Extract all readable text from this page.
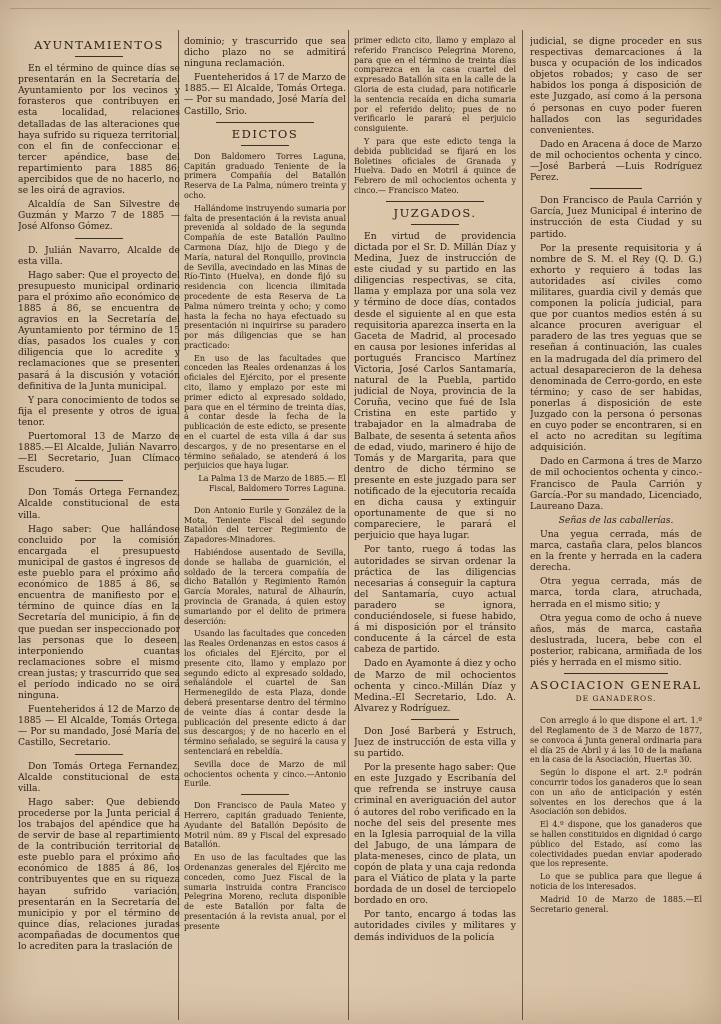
AYUNTAMIENTOS

En el término de quince días se presentarán en la Secretaría del Ayuntamiento por los vecinos y forasteros que contribuyen en esta localidad, relaciones detalladas de las alteraciones que haya sufrido su riqueza territorial, con el fin de confeccionar el tercer apéndice, base del repartimiento para 1885 86; apercibidos que de no hacerlo, no se les oirá de agravios.

Alcaldía de San Silvestre de Guzmán y Marzo 7 de 1885 — José Alfonso Gómez.

D. Julián Navarro, Alcalde de esta villa.

Hago saber: Que el proyecto del presupuesto municipal ordinario para el próximo año económico de 1885 á 86, se encuentra de agravios en la Secretaría del Ayuntamiento por término de 15 días, pasados los cuales y con diligencia que lo acredite y reclamaciones que se presenten pasará á la discusión y votación definitiva de la Junta municipal.

Y para conocimiento de todos se fija el presente y otros de igual tenor.

Puertomoral 13 de Marzo de 1885.—El Alcalde, Julián Navarro.—El Secretario, Juan Clímaco Escudero.

Don Tomás Ortega Fernandez, Alcalde constitucional de esta villa.

Hago saber: Que hallándose concluido por la comisión encargada el presupuesto municipal de gastos é ingresos de este pueblo para el próximo año económico de 1885 á 86, se encuentra de manifiesto por el término de quince días en la Secretaría del municipio, á fin de que puedan ser inspeccionado por las personas que lo deseen, interponiendo cuantas reclamaciones sobre el mismo crean justas; y trascurrido que sea el período indicado no se oirá ninguna.

Fuenteheridos á 12 de Marzo de 1885 — El Alcalde, Tomás Ortega. — Por su mandado, José María del Castillo, Secretario.

Don Tomás Ortega Fernandez, Alcalde constitucional de esta villa.

Hago saber: Que debiendo procederse por la Junta pericial á los trabajos del apéndice que ha de servir de base al repartimiento de la contribución territorial de este pueblo para el próximo año económico de 1885 á 86, los contribuyentes que en su riqueza hayan sufrido variación, presentarán en la Secretaría del municipio y por el término de quince días, relaciones juradas acompañadas de documentos que lo acrediten para la traslación de

dominio; y trascurrido que sea dicho plazo no se admitirá ninguna reclamación.

Fuenteheridos á 17 de Marzo de 1885.— El Alcalde, Tomás Ortega. — Por su mandado, José María del Castillo, Srio.

EDICTOS

Don Baldomero Torres Laguna, Capitán graduado Teniente de la primera Compañía del Batallón Reserva de La Palma, número treinta y ocho.

Hallándome instruyendo sumaria por falta de presentación á la revista anual prevenida al soldado de la segunda Compañía de este Batallón Paulino Carmona Díaz, hijo de Diego y de María, natural del Ronquillo, provincia de Sevilla, avecindado en las Minas de Río-Tinto (Huelva), en donde fijó su residencia con licencia ilimitada procedente de esta Reserva de La Palma número treinta y ocho; y como hasta la fecha no haya efectuado su presentación ni inquirirse su paradero por más diligencias que se han practicado:

En uso de las facultades que conceden las Reales ordenanzas á los oficiales del Ejército, por el presente cito, llamo y emplazo por este mi primer edicto al expresado soldado, para que en el término de treinta días, á contar desde la fecha de la publicación de este edicto, se presente en el cuartel de esta villa á dar sus descargos, y de no presentarse en el término señalado, se atenderá á los perjuicios que haya lugar.

La Palma 13 de Marzo de 1885.— El Fiscal, Baldomero Torres Laguna.

Don Antonio Eurile y González de la Mota, Teniente Fiscal del segundo Batallón del tercer Regimiento de Zapadores-Minadores.

Habiéndose ausentado de Sevilla, donde se hallaba de guarnición, el soldado de la tercera compañía de dicho Batallón y Regimiento Ramón García Morales, natural de Alhaurín, provincia de Granada, á quien estoy sumariando por el delito de primera deserción:

Usando las facultades que conceden las Reales Ordenanzas en estos casos á los oficiales del Ejército, por el presente cito, llamo y emplazo por segundo edicto al expresado soldado, señalándole el cuartel de San Hermenegildo de esta Plaza, donde deberá presentarse dentro del término de veinte días á contar desde la publicación del presente edicto á dar sus descargos; y de no hacerlo en el término señalado, se seguirá la causa y sentenciará en rebeldía.

Sevilla doce de Marzo de mil ochocientos ochenta y cinco.—Antonio Eurile.

Don Francisco de Paula Mateo y Herrero, capitán graduado Teniente, Ayudante del Batallón Depósito de Motril núm. 89 y Fiscal del expresado Batallón.

En uso de las facultades que las Ordenanzas generales del Ejército me conceden, como Juez Fiscal de la sumaria instruida contra Francisco Pelegrina Moreno, recluta disponible de este Batallón por falta de presentación á la revista anual, por el presente

primer edicto cito, llamo y emplazo al referido Francisco Pelegrina Moreno, para que en el término de treinta días comparezca en la casa cuartel del expresado Batallón sita en la calle de la Gloria de esta ciudad, para notificarle la sentencia recaída en dicha sumaria por el referido delito; pues de no verificarlo le parará el perjuicio consiguiente.

Y para que este edicto tenga la debida publicidad se fijará en los Boletines oficiales de Granada y Huelva. Dado en Motril á quince de Febrero de mil ochocientos ochenta y cinco.— Francisco Mateo.

JUZGADOS.

En virtud de providencia dictada por el Sr. D. Millán Díaz y Medina, Juez de instrucción de este ciudad y su partido en las diligencias respectivas, se cita, llama y emplaza por una sola vez y término de doce días, contados desde el siguiente al en que esta requisitoria aparezca inserta en la Gaceta de Madrid, al procesado en causa por lesiones inferidas al portugués Francisco Martínez Victoria, José Carlos Santamaría, natural de la Puebla, partido judicial de Noya, provincia de la Coruña, vecino que fué de Isla Cristina en este partido y trabajador en la almadraba de Balbate, de sesenta á setenta años de edad, viudo, marinero é hijo de Tomás y de Margarita, para que dentro de dicho término se presente en este juzgado para ser notificado de la ejecutoria recaída en dicha causa y extinguir oportunamente de que si no compareciere, le parará el perjuicio que haya lugar.

Por tanto, ruego á todas las autoridades se sirvan ordenar la práctica de las diligencias necesarias á conseguir la captura del Santamaría, cuyo actual paradero se ignora, conduciéndosele, si fuese habido, á mi disposición por el tránsito conducente á la cárcel de esta cabeza de partido.

Dado en Ayamonte á diez y ocho de Marzo de mil ochocientos ochenta y cinco.-Millán Díaz y Medina.-El Secretario, Ldo. A. Alvarez y Rodríguez.

Don José Barberá y Estruch, Juez de instrucción de esta villa y su partido.

Por la presente hago saber: Que en este Juzgado y Escribanía del que refrenda se instruye causa criminal en averiguación del autor ó autores del robo verificado en la noche del seis del presente mes en la Iglesia parroquial de la villa del Jabugo, de una lámpara de plata-meneses, cinco de plata, un copón de plata y una caja redonda para el Viático de plata y la parte bordada de un dosel de terciopelo bordado en oro.

Por tanto, encargo á todas las autoridades civiles y militares y demás individuos de la policía

judicial, se digne proceder en sus respectivas demarcaciones á la busca y ocupación de los indicados objetos robados; y caso de ser habidos los ponga á disposición de este Juzgado, así como á la persona ó personas en cuyo poder fueren hallados con las seguridades convenientes.

Dado en Aracena á doce de Marzo de mil ochocientos ochenta y cinco.—José Barberá —Luis Rodríguez Perez.

Don Francisco de Paula Carrión y García, Juez Municipal é interino de instrucción de esta Ciudad y su partido.

Por la presente requisitoria y á nombre de S. M. el Rey (Q. D. G.) exhorto y requiero á todas las autoridades así civiles como militares, guardia civil y demás que componen la policía judicial, para que por cuantos medios estén á su alcance procuren averiguar el paradero de las tres yeguas que se reseñan á continuación, las cuales en la madrugada del día primero del actual desaparecieron de la dehesa denominada de Cerro-gordo, en este término; y caso de ser habidas, ponerlas á disposición de este Juzgado con la persona ó personas en cuyo poder se encontraren, si en el acto no acreditan su legítima adquisición.

Dado en Carmona á tres de Marzo de mil ochocientos ochenta y cinco.-Francisco de Paula Carrión y García.-Por su mandado, Licenciado, Laureano Daza.

Señas de las caballerías.

Una yegua cerrada, más de marca, castaña clara, pelos blancos en la frente y herrada en la cadera derecha.

Otra yegua cerrada, más de marca, torda clara, atruchada, herrada en el mismo sitio; y

Otra yegua como de ocho á nueve años, más de marca, castaña deslustrada, lucera, bebe con el posterior, rabicana, armiñada de los piés y herrada en el mismo sitio.

ASOCIACION GENERAL
DE GANADEROS.

Con arreglo á lo que dispone el art. 1.º del Reglamento de 3 de Marzo de 1877, se convoca á Junta general ordinaria para el día 25 de Abril y á las 10 de la mañana en la casa de la Asociación, Huertas 30.

Según lo dispone el art. 2.º podrán concurrir todos los ganaderos que lo sean con un año de anticipación y estén solventes en los derechos que á la Asociación son debidos.

El 4.º dispone, que los ganaderos que se hallen constituidos en dignidad ó cargo público del Estado, así como las colectividades puedan enviar apoderado que los represente.

Lo que se publica para que llegue á noticia de los interesados.

Madrid 10 de Marzo de 1885.—El Secretario general.
